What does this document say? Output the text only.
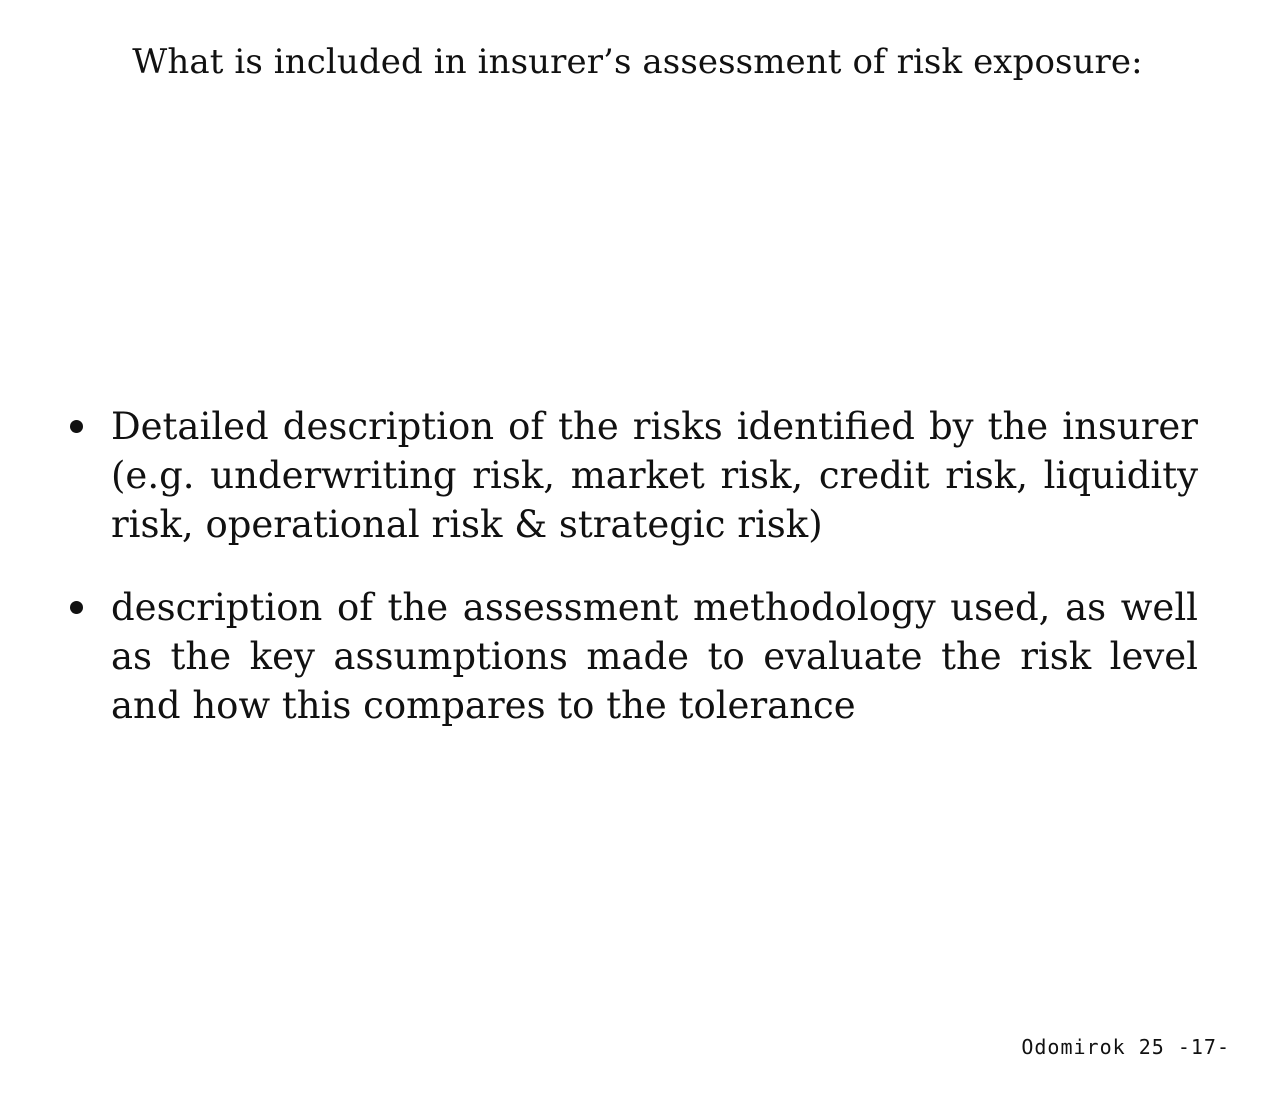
What is included in insurer’s assessment of risk exposure:
Detailed description of the risks identified by the insurer (e.g. underwriting risk, market risk, credit risk, liquidity risk, operational risk & strategic risk)
description of the assessment methodology used, as well as the key assumptions made to evaluate the risk level and how this compares to the tolerance
Odomirok 25 -17-
